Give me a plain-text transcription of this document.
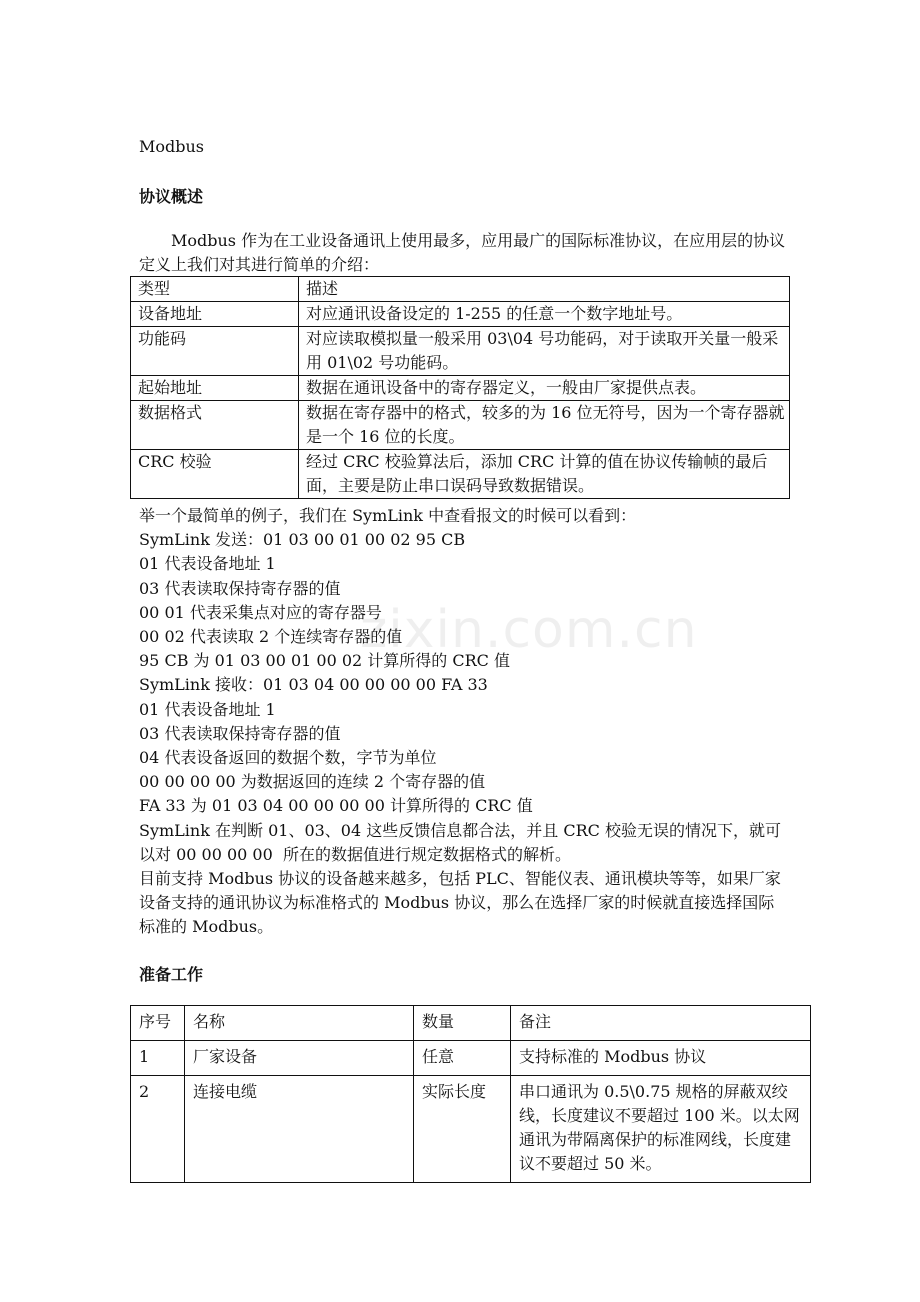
Modbus
协议概述
Modbus 作为在工业设备通讯上使用最多，应用最广的国际标准协议，在应用层的协议定义上我们对其进行简单的介绍：
类型	描述
设备地址	对应通讯设备设定的 1-255 的任意一个数字地址号。
功能码	对应读取模拟量一般采用 03\04 号功能码，对于读取开关量一般采用 01\02 号功能码。
起始地址	数据在通讯设备中的寄存器定义，一般由厂家提供点表。
数据格式	数据在寄存器中的格式，较多的为 16 位无符号，因为一个寄存器就是一个 16 位的长度。
CRC 校验	经过 CRC 校验算法后，添加 CRC 计算的值在协议传输帧的最后面，主要是防止串口误码导致数据错误。
举一个最简单的例子，我们在 SymLink 中查看报文的时候可以看到：
SymLink 发送：01 03 00 01 00 02 95 CB
01 代表设备地址 1
03 代表读取保持寄存器的值
00 01 代表采集点对应的寄存器号
00 02 代表读取 2 个连续寄存器的值
95 CB 为 01 03 00 01 00 02 计算所得的 CRC 值
SymLink 接收：01 03 04 00 00 00 00 FA 33
01 代表设备地址 1
03 代表读取保持寄存器的值
04 代表设备返回的数据个数，字节为单位
00 00 00 00 为数据返回的连续 2 个寄存器的值
FA 33 为 01 03 04 00 00 00 00 计算所得的 CRC 值
SymLink 在判断 01、03、04 这些反馈信息都合法，并且 CRC 校验无误的情况下，就可以对 00 00 00 00  所在的数据值进行规定数据格式的解析。
目前支持 Modbus 协议的设备越来越多，包括 PLC、智能仪表、通讯模块等等，如果厂家设备支持的通讯协议为标准格式的 Modbus 协议，那么在选择厂家的时候就直接选择国际标准的 Modbus。
准备工作
序号	名称	数量	备注
1	厂家设备	任意	支持标准的 Modbus 协议
2	连接电缆	实际长度	串口通讯为 0.5\0.75 规格的屏蔽双绞线，长度建议不要超过 100 米。以太网通讯为带隔离保护的标准网线，长度建议不要超过 50 米。
zixin.com.cn
